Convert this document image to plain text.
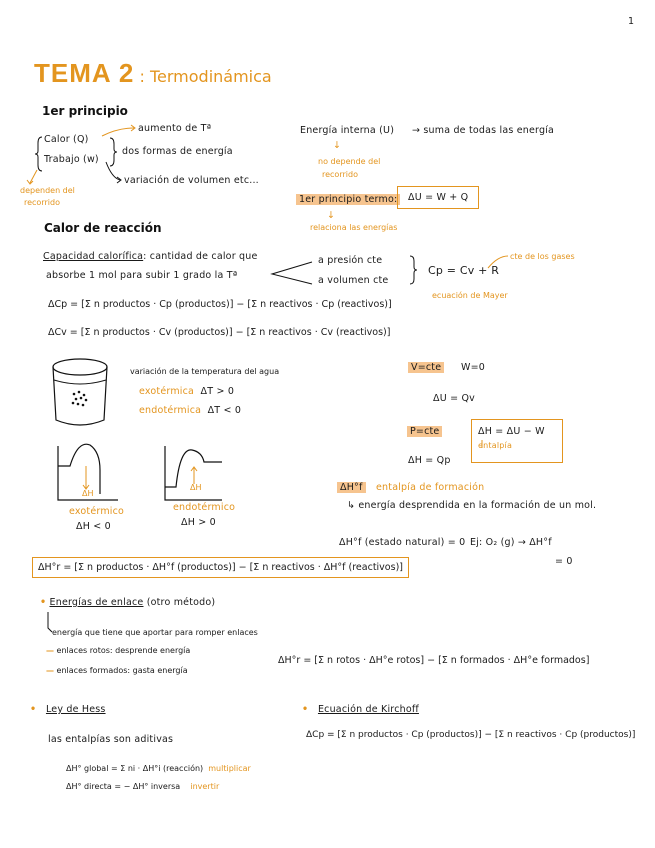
1
TEMA 2 : Termodinámica
1er principio
Calor (Q)
Trabajo (w)
aumento de Tª
dos formas de energía
variación de volumen etc...
dependen del
recorrido
Energía interna (U) → suma de todas las energía
↓
no depende del
recorrido
1er principio termo:	ΔU = W + Q
↓
relaciona las energías
Calor de reacción
Capacidad calorífica: cantidad de calor que
absorbe 1 mol para subir 1 grado la Tª
a presión cte
a volumen cte
Cp = Cv + R
cte de los gases
ecuación de Mayer
ΔCp = [Σ n productos · Cp (productos)] − [Σ n reactivos · Cp (reactivos)]
ΔCv = [Σ n productos · Cv (productos)] − [Σ n reactivos · Cv (reactivos)]
variación de la temperatura del agua
exotérmica ΔT > 0
endotérmica ΔT < 0
V=cte	W=0
ΔU = Qv
P=cte	ΔH = ΔU − W
entalpía
ΔH = Qp
ΔH
ΔH
exotérmico
ΔH < 0
endotérmico
ΔH > 0
ΔH°f	entalpía de formación
↳ energía desprendida en la formación de un mol.
ΔH°f (estado natural) = 0 Ej: O₂ (g) → ΔH°f
= 0
ΔH°r = [Σ n productos · ΔH°f (productos)] − [Σ n reactivos · ΔH°f (reactivos)]
• Energías de enlace (otro método)
energía que tiene que aportar para romper enlaces
— enlaces rotos: desprende energía
— enlaces formados: gasta energía
ΔH°r = [Σ n rotos · ΔH°e rotos] − [Σ n formados · ΔH°e formados]
• Ley de Hess
las entalpías son aditivas
ΔH° global = Σ ni · ΔH°i (reacción) multiplicar
ΔH° directa = − ΔH° inversa invertir
• Ecuación de Kirchoff
ΔCp = [Σ n productos · Cp (productos)] − [Σ n reactivos · Cp (productos)]
